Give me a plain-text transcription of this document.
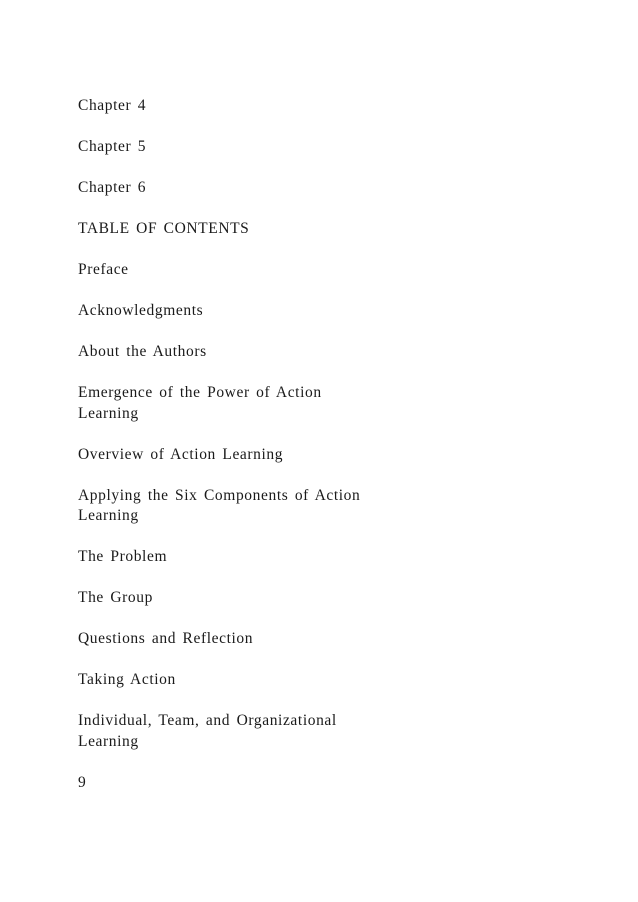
Chapter 4
Chapter 5
Chapter 6
TABLE OF CONTENTS
Preface
Acknowledgments
About the Authors
Emergence of the Power of Action Learning
Overview of Action Learning
Applying the Six Components of Action Learning
The Problem
The Group
Questions and Reflection
Taking Action
Individual, Team, and Organizational Learning
9
